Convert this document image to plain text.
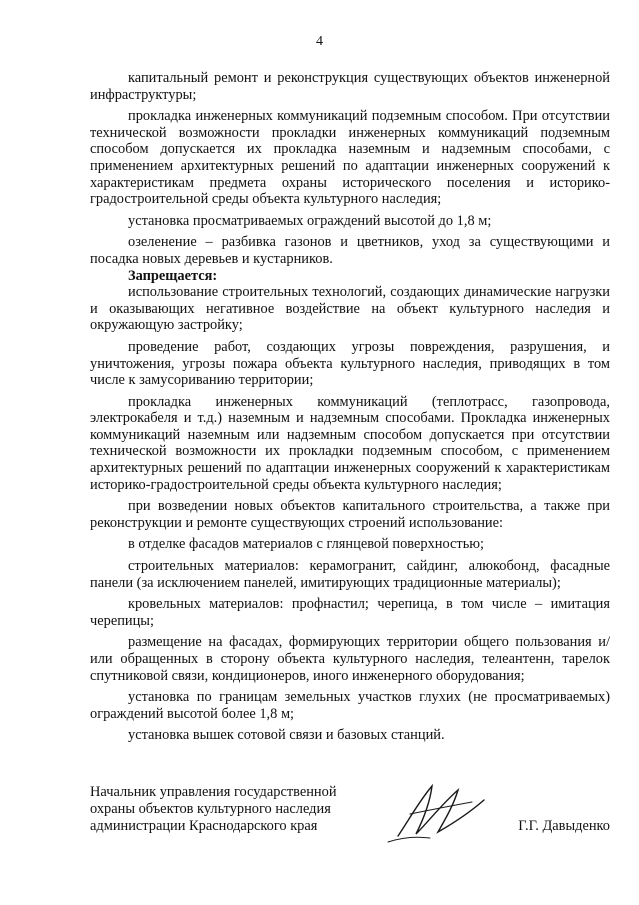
4

капитальный ремонт и реконструкция существующих объектов инженерной инфраструктуры;

прокладка инженерных коммуникаций подземным способом. При отсутствии технической возможности прокладки инженерных коммуникаций подземным способом допускается их прокладка наземным и надземным способами, с применением архитектурных решений по адаптации инженерных сооружений к характеристикам предмета охраны исторического поселения и историко-градостроительной среды объекта культурного наследия;

установка просматриваемых ограждений высотой до 1,8 м;

озеленение – разбивка газонов и цветников, уход за существующими и посадка новых деревьев и кустарников.

Запрещается:

использование строительных технологий, создающих динамические нагрузки и оказывающих негативное воздействие на объект культурного наследия и окружающую застройку;

проведение работ, создающих угрозы повреждения, разрушения, и уничтожения, угрозы пожара объекта культурного наследия, приводящих в том числе к замусориванию территории;

прокладка инженерных коммуникаций (теплотрасс, газопровода, электрокабеля и т.д.) наземным и надземным способами. Прокладка инженерных коммуникаций наземным или надземным способом допускается при отсутствии технической возможности их прокладки подземным способом, с применением архитектурных решений по адаптации инженерных сооружений к характеристикам историко-градостроительной среды объекта культурного наследия;

при возведении новых объектов капитального строительства, а также при реконструкции и ремонте существующих строений использование:

в отделке фасадов материалов с глянцевой поверхностью;

строительных материалов: керамогранит, сайдинг, алюкобонд, фасадные панели (за исключением панелей, имитирующих традиционные материалы);

кровельных материалов: профнастил; черепица, в том числе – имитация черепицы;

размещение на фасадах, формирующих территории общего пользования и/или обращенных в сторону объекта культурного наследия, телеантенн, тарелок спутниковой связи, кондиционеров, иного инженерного оборудования;

установка по границам земельных участков глухих (не просматриваемых) ограждений высотой более 1,8 м;

установка вышек сотовой связи и базовых станций.

Начальник управления государственной
охраны объектов культурного наследия
администрации Краснодарского края	Г.Г. Давыденко
